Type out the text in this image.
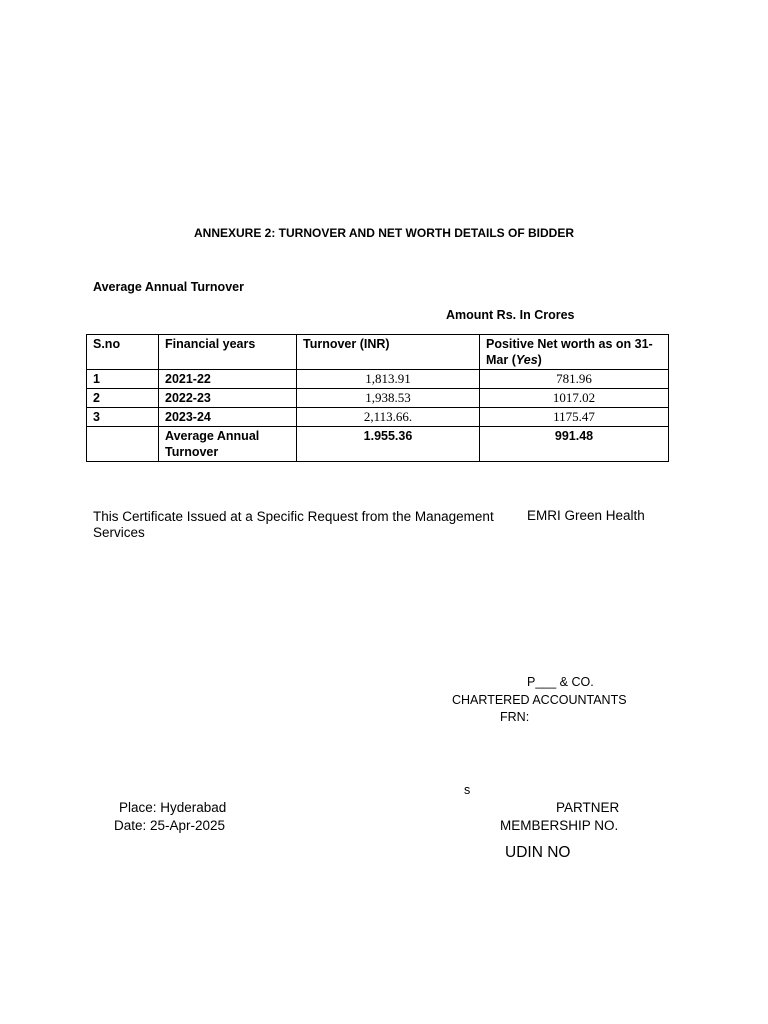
ANNEXURE 2: TURNOVER AND NET WORTH DETAILS OF BIDDER
Average Annual Turnover
Amount Rs. In Crores
S.no	Financial years	Turnover (INR)	Positive Net worth as on 31-Mar (Yes)
1	2021-22	1,813.91	781.96
2	2022-23	1,938.53	1017.02
3	2023-24	2,113.66.	1175.47
	Average Annual Turnover	1.955.36	991.48
This Certificate Issued at a Specific Request from the Management EMRI Green Health
Services
P___ & CO.
CHARTERED ACCOUNTANTS
FRN:
s
Place: Hyderabad
Date: 25-Apr-2025
PARTNER
MEMBERSHIP NO.
UDIN NO
